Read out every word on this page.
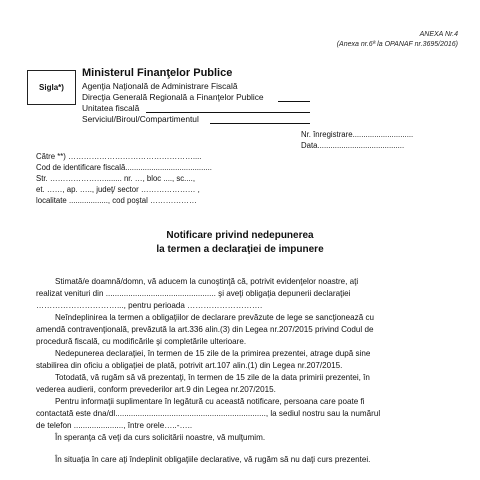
ANEXA Nr.4
(Anexa nr.6ª la OPANAF nr.3695/2016)
Sigla*)
Ministerul Finanţelor Publice
Agenţia Naţională de Administrare Fiscală
Direcţia Generală Regională a Finanţelor Publice
Unitatea fiscală
Serviciul/Biroul/Compartimentul
Nr. înregistrare............................
Data........................................
Către **) …………………………………………....
Cod de identificare fiscală........................................
Str. …………………........ nr. …, bloc ...., sc....,
et. ……, ap. ….., judeţ/ sector ………………… ,
localitate .................., cod poştal ………………
Notificare privind nedepunerea
la termen a declaraţiei de impunere
Stimată/e doamnă/domn, vă aducem la cunoştinţă că, potrivit evidenţelor noastre, aţi
realizat venituri din ................................................. şi aveţi obligaţia depunerii declaraţiei
…………………………..., pentru perioada ……………………….
Neîndeplinirea la termen a obligaţiilor de declarare prevăzute de lege se sancţionează cu
amendă contravenţională, prevăzută la art.336 alin.(3) din Legea nr.207/2015 privind Codul de
procedură fiscală, cu modificările şi completările ulterioare.
Nedepunerea declaraţiei, în termen de 15 zile de la primirea prezentei, atrage după sine
stabilirea din oficiu a obligaţiei de plată, potrivit art.107 alin.(1) din Legea nr.207/2015.
Totodată, vă rugăm să vă prezentaţi, în termen de 15 zile de la data primirii prezentei, în
vederea audierii, conform prevederilor art.9 din Legea nr.207/2015.
Pentru informaţii suplimentare în legătură cu această notificare, persoana care poate fi
contactată este dna/dl..................................................................., la sediul nostru sau la numărul
de telefon ......................, între orele…..-…..
În speranţa că veţi da curs solicitării noastre, vă mulţumim.
În situaţia în care aţi îndeplinit obligaţiile declarative, vă rugăm să nu daţi curs prezentei.
